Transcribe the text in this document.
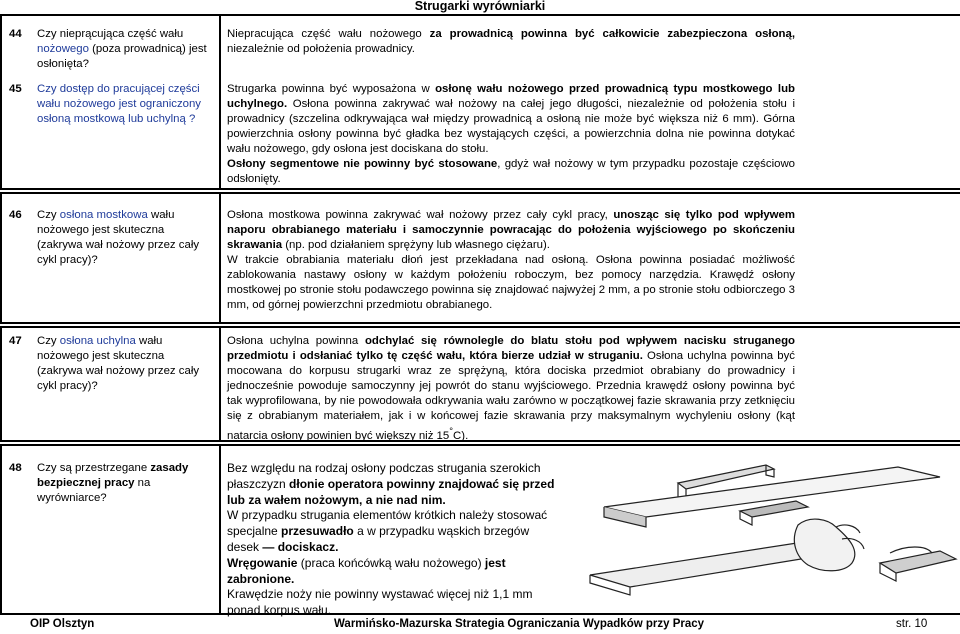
Strugarki wyrówniarki
44 Czy nieprącująca część wału nożowego (poza prowadnicą) jest osłonięta?

Niepracująca część wału nożowego za prowadnicą powinna być całkowicie zabezpieczona osłoną, niezależnie od położenia prowadnicy.

45 Czy dostęp do pracującej części wału nożowego jest ograniczony osłoną mostkową lub uchylną ?

Strugarka powinna być wyposażona w osłonę wału nożowego przed prowadnicą typu mostkowego lub uchylnego. Osłona powinna zakrywać wał nożowy na całej jego długości, niezależnie od położenia stołu i prowadnicy (szczelina odkrywająca wał między prowadnicą a osłoną nie może być większa niż 6 mm). Górna powierzchnia osłony powinna być gładka bez wystających części, a powierzchnia dolna nie powinna dotykać wału nożowego, gdy osłona jest dociskana do stołu.

Osłony segmentowe nie powinny być stosowane, gdyż wał nożowy w tym przypadku pozostaje częściowo odsłonięty.

46 Czy osłona mostkowa wału nożowego jest skuteczna (zakrywa wał nożowy przez cały cykl pracy)?

Osłona mostkowa powinna zakrywać wał nożowy przez cały cykl pracy, unosząc się tylko pod wpływem naporu obrabianego materiału i samoczynnie powracając do położenia wyjściowego po skończeniu skrawania (np. pod działaniem sprężyny lub własnego ciężaru).

W trakcie obrabiania materiału dłoń jest przekładana nad osłoną. Osłona powinna posiadać możliwość zablokowania nastawy osłony w każdym położeniu roboczym, bez pomocy narzędzia. Krawędź osłony mostkowej po stronie stołu podawczego powinna się znajdować najwyżej 2 mm, a po stronie stołu odbiorczego 3 mm, od górnej powierzchni przedmiotu obrabianego.

47 Czy osłona uchylna wału nożowego jest skuteczna (zakrywa wał nożowy przez cały cykl pracy)?

Osłona uchylna powinna odchylać się równolegle do blatu stołu pod wpływem nacisku struganego przedmiotu i odsłaniać tylko tę część wału, która bierze udział w struganiu. Osłona uchylna powinna być mocowana do korpusu strugarki wraz ze sprężyną, która dociska przedmiot obrabiany do prowadnicy i jednocześnie powoduje samoczynny jej powrót do stanu wyjściowego. Przednia krawędź osłony powinna być tak wyprofilowana, by nie powodowała odkrywania wału zarówno w początkowej fazie skrawania przy zetknięciu się z obrabianym materiałem, jak i w końcowej fazie skrawania przy maksymalnym wychyleniu osłony (kąt natarcia osłony powinien być większy niż 15°C).

48 Czy są przestrzegane zasady bezpiecznej pracy na wyrówniarce?

Bez względu na rodzaj osłony podczas strugania szerokich płaszczyzn dłonie operatora powinny znajdować się przed lub za wałem nożowym, a nie nad nim.

W przypadku strugania elementów krótkich należy stosować specjalne przesuwadło a w przypadku wąskich brzegów desek — dociskacz.

Wręgowanie (praca końcówką wału nożowego) jest zabronione.

Krawędzie noży nie powinny wystawać więcej niż 1,1 mm ponad korpus wału.

OIP Olsztyn	Warmińsko-Mazurska Strategia Ograniczania Wypadków przy Pracy	str. 10
